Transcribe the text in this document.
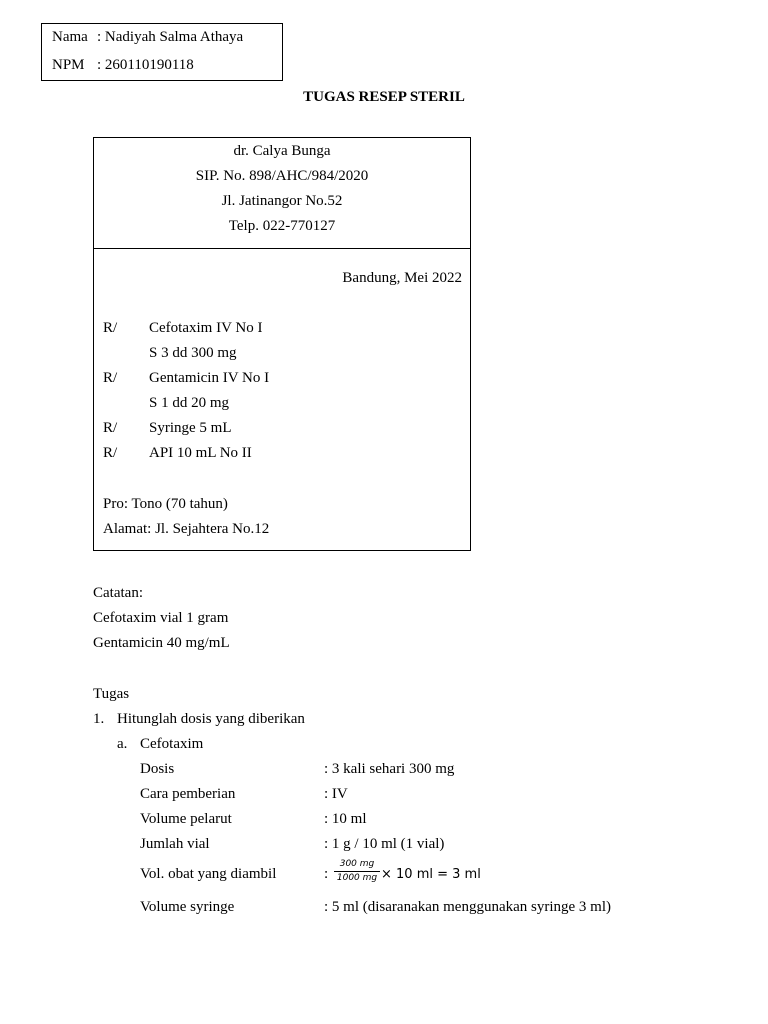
Nama : Nadiyah Salma Athaya
NPM : 260110190118
TUGAS RESEP STERIL
dr. Calya Bunga
SIP. No. 898/AHC/984/2020
Jl. Jatinangor No.52
Telp. 022-770127
Bandung, Mei 2022
R/ Cefotaxim IV No I
S 3 dd 300 mg
R/ Gentamicin IV No I
S 1 dd 20 mg
R/ Syringe 5 mL
R/ API 10 mL No II
Pro: Tono (70 tahun)
Alamat: Jl. Sejahtera No.12
Catatan:
Cefotaxim vial 1 gram
Gentamicin 40 mg/mL
Tugas
1. Hitunglah dosis yang diberikan
a. Cefotaxim
Dosis	: 3 kali sehari 300 mg
Cara pemberian	: IV
Volume pelarut	: 10 ml
Jumlah vial	: 1 g / 10 ml (1 vial)
Vol. obat yang diambil	: $\frac{300 mg}{1000 mg} \times 10$ ml = 3 ml
Volume syringe	: 5 ml (disaranakan menggunakan syringe 3 ml)
